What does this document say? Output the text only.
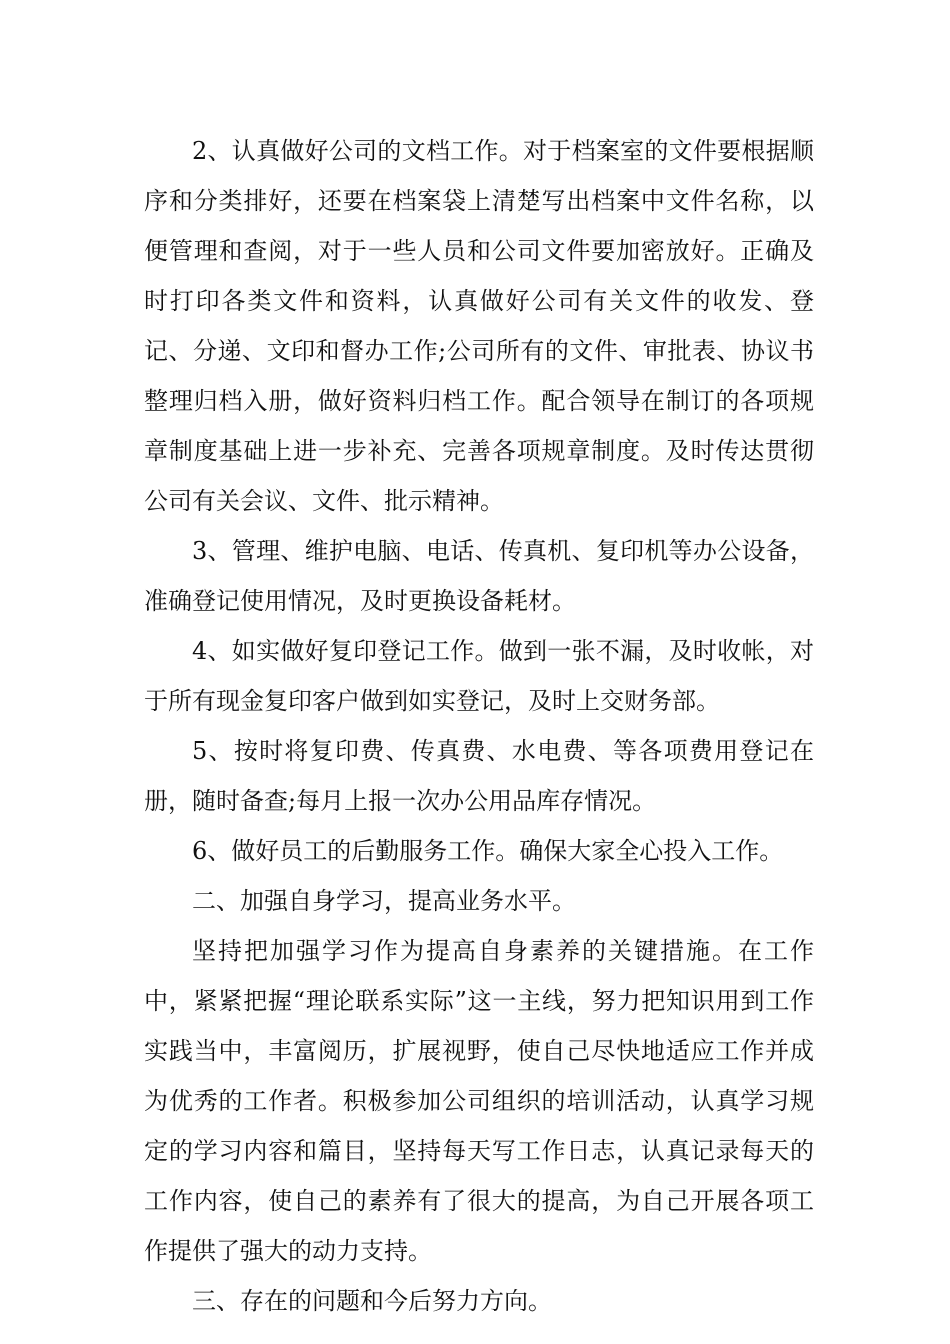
2、认真做好公司的文档工作。对于档案室的文件要根据顺序和分类排好，还要在档案袋上清楚写出档案中文件名称，以便管理和查阅，对于一些人员和公司文件要加密放好。正确及时打印各类文件和资料，认真做好公司有关文件的收发、登记、分递、文印和督办工作;公司所有的文件、审批表、协议书整理归档入册，做好资料归档工作。配合领导在制订的各项规章制度基础上进一步补充、完善各项规章制度。及时传达贯彻公司有关会议、文件、批示精神。

3、管理、维护电脑、电话、传真机、复印机等办公设备，准确登记使用情况，及时更换设备耗材。

4、如实做好复印登记工作。做到一张不漏，及时收帐，对于所有现金复印客户做到如实登记，及时上交财务部。

5、按时将复印费、传真费、水电费、等各项费用登记在册，随时备查;每月上报一次办公用品库存情况。

6、做好员工的后勤服务工作。确保大家全心投入工作。

二、加强自身学习，提高业务水平。

坚持把加强学习作为提高自身素养的关键措施。在工作中，紧紧把握“理论联系实际”这一主线，努力把知识用到工作实践当中，丰富阅历，扩展视野，使自己尽快地适应工作并成为优秀的工作者。积极参加公司组织的培训活动，认真学习规定的学习内容和篇目，坚持每天写工作日志，认真记录每天的工作内容，使自己的素养有了很大的提高，为自己开展各项工作提供了强大的动力支持。

三、存在的问题和今后努力方向。
